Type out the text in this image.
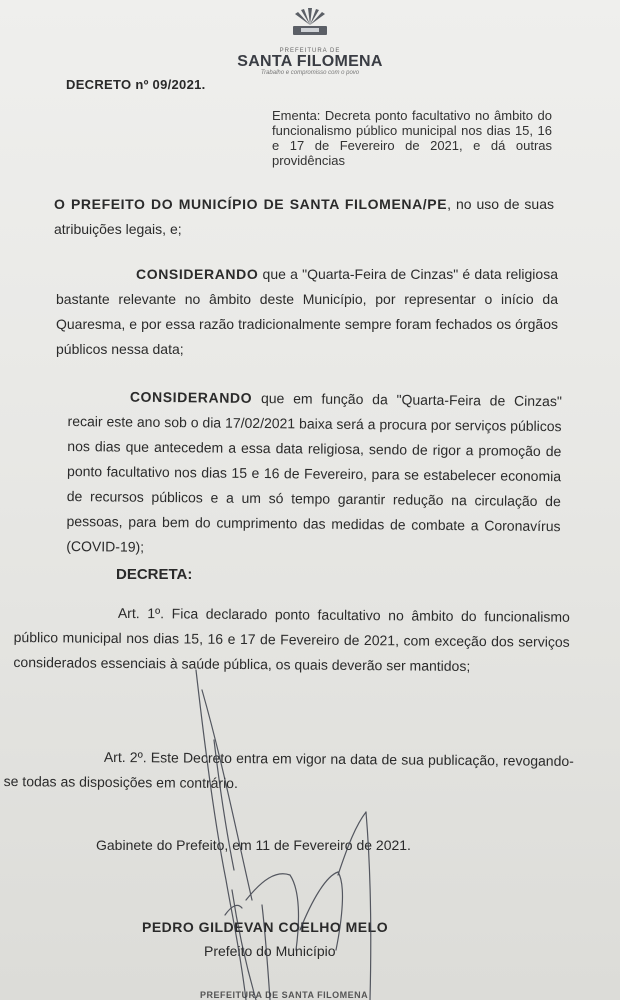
PREFEITURA DE
SANTA FILOMENA
Trabalho e compromisso com o povo
DECRETO nº 09/2021.
Ementa: Decreta ponto facultativo no âmbito do funcionalismo público municipal nos dias 15, 16 e 17 de Fevereiro de 2021, e dá outras providências
O PREFEITO DO MUNICÍPIO DE SANTA FILOMENA/PE, no uso de suas atribuições legais, e;
CONSIDERANDO que a "Quarta-Feira de Cinzas" é data religiosa bastante relevante no âmbito deste Município, por representar o início da Quaresma, e por essa razão tradicionalmente sempre foram fechados os órgãos públicos nessa data;
CONSIDERANDO que em função da "Quarta-Feira de Cinzas" recair este ano sob o dia 17/02/2021 baixa será a procura por serviços públicos nos dias que antecedem a essa data religiosa, sendo de rigor a promoção de ponto facultativo nos dias 15 e 16 de Fevereiro, para se estabelecer economia de recursos públicos e a um só tempo garantir redução na circulação de pessoas, para bem do cumprimento das medidas de combate a Coronavírus (COVID-19);
DECRETA:
Art. 1º. Fica declarado ponto facultativo no âmbito do funcionalismo público municipal nos dias 15, 16 e 17 de Fevereiro de 2021, com exceção dos serviços considerados essenciais à saúde pública, os quais deverão ser mantidos;
Art. 2º. Este Decreto entra em vigor na data de sua publicação, revogando-se todas as disposições em contrário.
Gabinete do Prefeito, em 11 de Fevereiro de 2021.
PEDRO GILDEVAN COELHO MELO
Prefeito do Município
PREFEITURA DE SANTA FILOMENA
